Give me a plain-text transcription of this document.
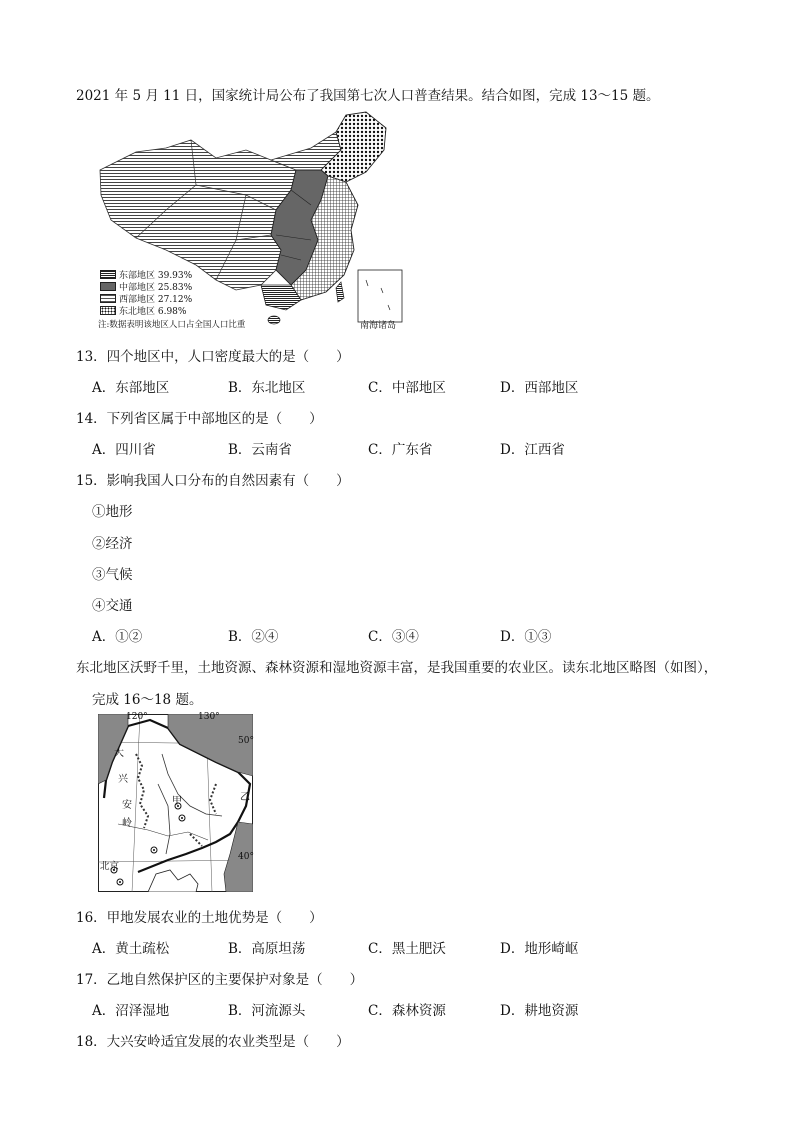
2021 年 5 月 11 日，国家统计局公布了我国第七次人口普查结果。结合如图，完成 13～15 题。
南海诸岛
东部地区 39.93%
中部地区 25.83%
西部地区 27.12%
东北地区 6.98%
注:数据表明该地区人口占全国人口比重
13．四个地区中，人口密度最大的是（　　）
A．东部地区	B．东北地区	C．中部地区	D．西部地区
14．下列省区属于中部地区的是（　　）
A．四川省	B．云南省	C．广东省	D．江西省
15．影响我国人口分布的自然因素有（　　）
①地形
②经济
③气候
④交通
A．①②	B．②④	C．③④	D．①③
东北地区沃野千里，土地资源、森林资源和湿地资源丰富，是我国重要的农业区。读东北地区略图（如图），
完成 16～18 题。
120°	130°
50°
40°
大
兴
安
岭
甲	乙
北京
16．甲地发展农业的土地优势是（　　）
A．黄土疏松	B．高原坦荡	C．黑土肥沃	D．地形崎岖
17．乙地自然保护区的主要保护对象是（　　）
A．沼泽湿地	B．河流源头	C．森林资源	D．耕地资源
18．大兴安岭适宜发展的农业类型是（　　）
